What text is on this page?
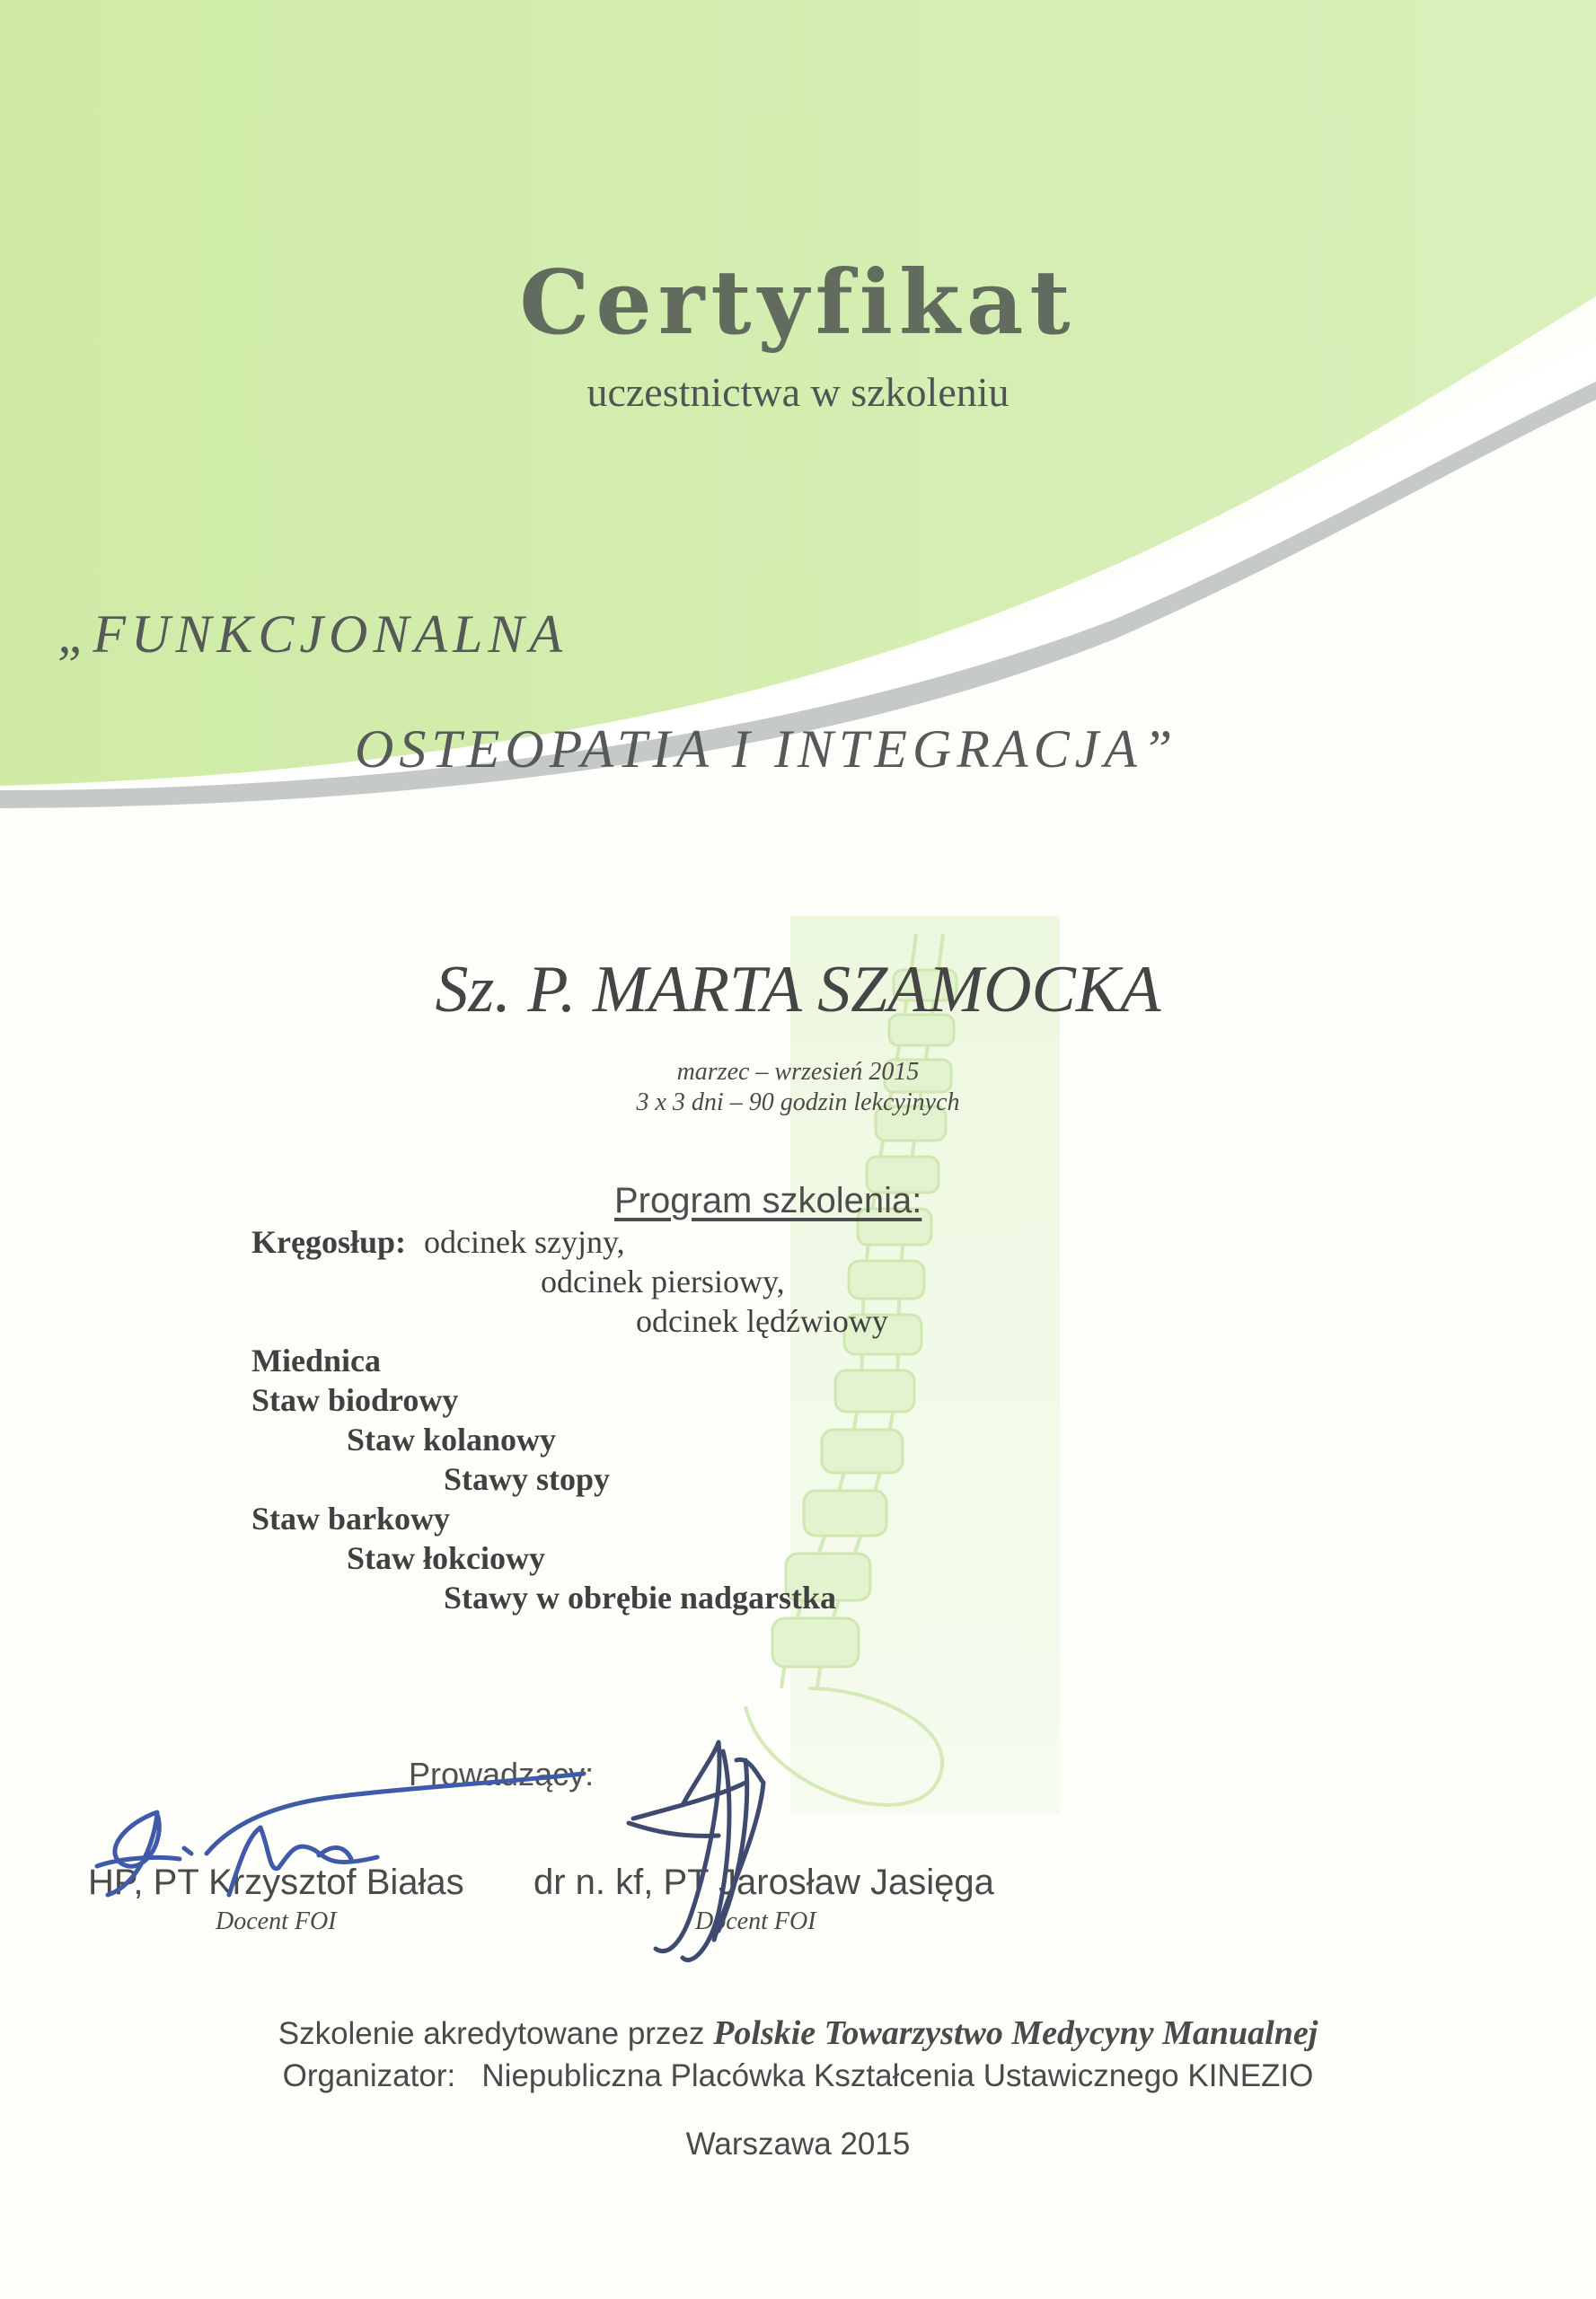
Certyfikat
uczestnictwa w szkoleniu
„FUNKCJONALNA
OSTEOPATIA I INTEGRACJA”
Sz. P. MARTA SZAMOCKA
marzec – wrzesień 2015
3 x 3 dni – 90 godzin lekcyjnych
Program szkolenia:
Kręgosłup: odcinek szyjny,
odcinek piersiowy,
odcinek lędźwiowy
Miednica
Staw biodrowy
Staw kolanowy
Stawy stopy
Staw barkowy
Staw łokciowy
Stawy w obrębie nadgarstka
Prowadzący:
HP, PT Krzysztof Białas
Docent FOI
dr n. kf, PT Jarosław Jasięga
Docent FOI
Szkolenie akredytowane przez Polskie Towarzystwo Medycyny Manualnej
Organizator: Niepubliczna Placówka Kształcenia Ustawicznego KINEZIO
Warszawa 2015
